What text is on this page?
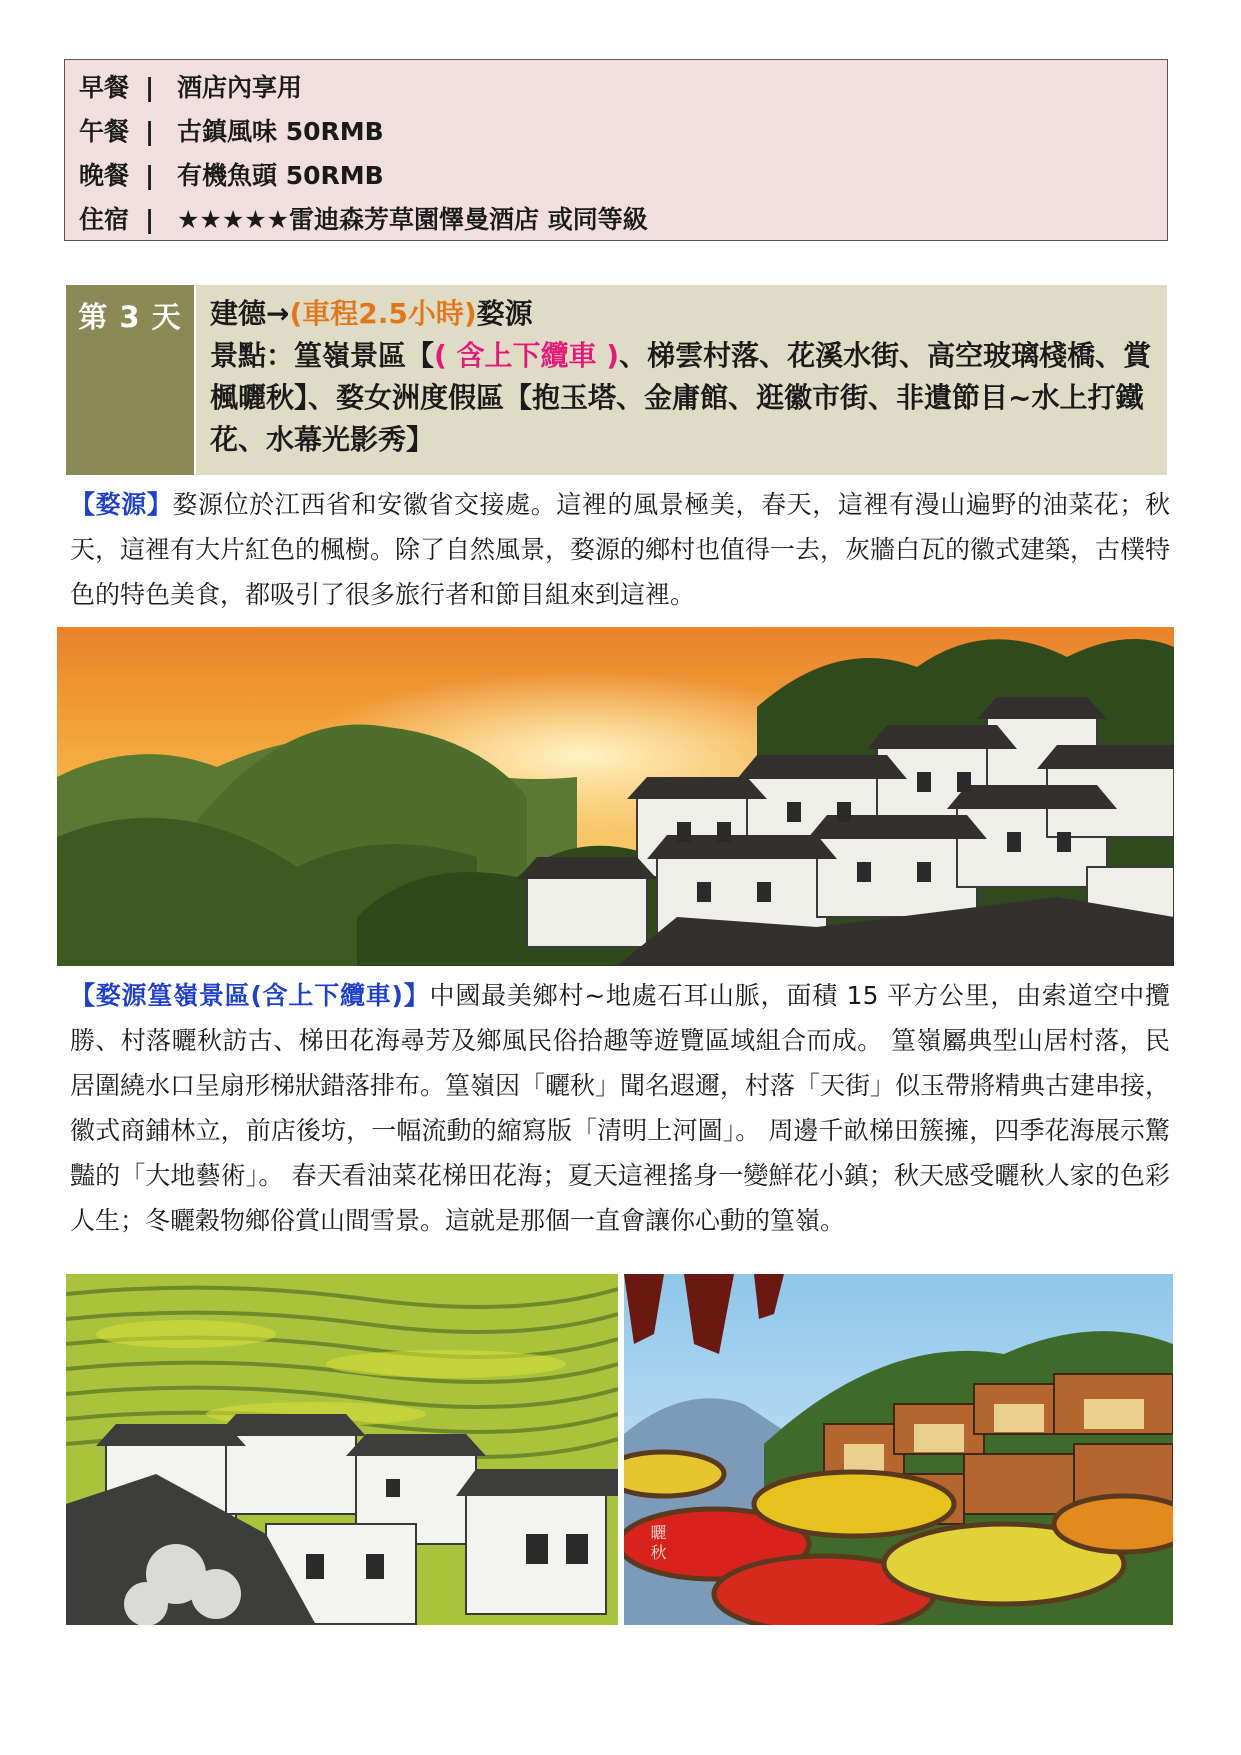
早餐 | 酒店內享用
午餐 | 古鎮風味 50RMB
晚餐 | 有機魚頭 50RMB
住宿 | ★★★★★雷迪森芳草園懌曼酒店 或同等級
第 3 天	建德→(車程2.5小時)婺源
景點：篁嶺景區【( 含上下纜車 )、梯雲村落、花溪水街、高空玻璃棧橋、賞楓曬秋】、婺女洲度假區【抱玉塔、金庸館、逛徽市街、非遺節目~水上打鐵花、水幕光影秀】
【婺源】婺源位於江西省和安徽省交接處。這裡的風景極美，春天，這裡有漫山遍野的油菜花；秋天，這裡有大片紅色的楓樹。除了自然風景，婺源的鄉村也值得一去，灰牆白瓦的徽式建築，古樸特色的特色美食，都吸引了很多旅行者和節目組來到這裡。
【婺源篁嶺景區(含上下纜車)】中國最美鄉村~地處石耳山脈，面積 15 平方公里，由索道空中攬勝、村落曬秋訪古、梯田花海尋芳及鄉風民俗拾趣等遊覽區域組合而成。 篁嶺屬典型山居村落，民居圍繞水口呈扇形梯狀錯落排布。篁嶺因「曬秋」聞名遐邇，村落「天街」似玉帶將精典古建串接，徽式商鋪林立，前店後坊，一幅流動的縮寫版「清明上河圖」。 周邊千畝梯田簇擁，四季花海展示驚豔的「大地藝術」。 春天看油菜花梯田花海；夏天這裡搖身一變鮮花小鎮；秋天感受曬秋人家的色彩人生；冬曬穀物鄉俗賞山間雪景。這就是那個一直會讓你心動的篁嶺。
曬秋
